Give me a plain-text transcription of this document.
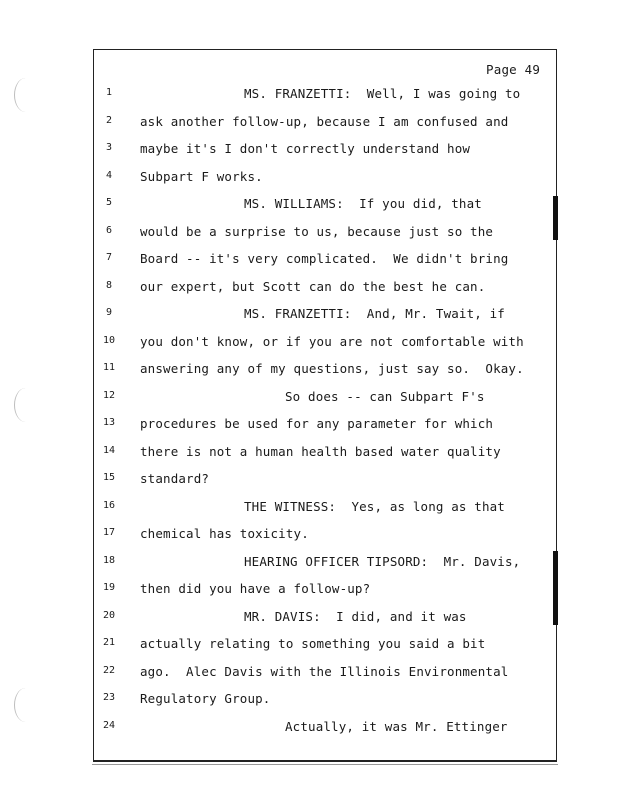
Page 49
1	MS. FRANZETTI:  Well, I was going to
2	ask another follow-up, because I am confused and
3	maybe it's I don't correctly understand how
4	Subpart F works.
5	MS. WILLIAMS:  If you did, that
6	would be a surprise to us, because just so the
7	Board -- it's very complicated.  We didn't bring
8	our expert, but Scott can do the best he can.
9	MS. FRANZETTI:  And, Mr. Twait, if
10	you don't know, or if you are not comfortable with
11	answering any of my questions, just say so.  Okay.
12	So does -- can Subpart F's
13	procedures be used for any parameter for which
14	there is not a human health based water quality
15	standard?
16	THE WITNESS:  Yes, as long as that
17	chemical has toxicity.
18	HEARING OFFICER TIPSORD:  Mr. Davis,
19	then did you have a follow-up?
20	MR. DAVIS:  I did, and it was
21	actually relating to something you said a bit
22	ago.  Alec Davis with the Illinois Environmental
23	Regulatory Group.
24	Actually, it was Mr. Ettinger
